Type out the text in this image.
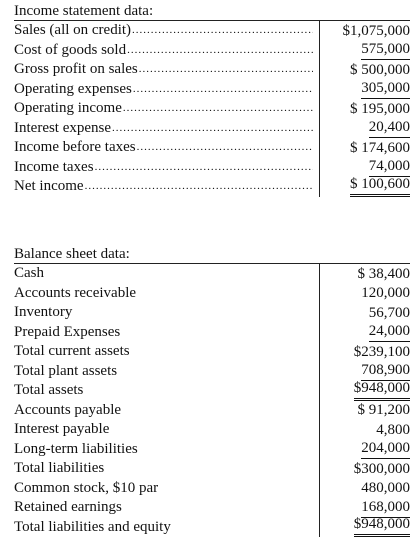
Income statement data:
Sales (all on credit) .....	$1,075,000
Cost of goods sold .....	575,000
Gross profit on sales .....	$ 500,000
Operating expenses .....	305,000
Operating income .....	$ 195,000
Interest expense .....	20,400
Income before taxes .....	$ 174,600
Income taxes .....	74,000
Net income .....	$ 100,600
Balance sheet data:
Cash	$ 38,400
Accounts receivable	120,000
Inventory	56,700
Prepaid Expenses	24,000
Total current assets	$239,100
Total plant assets	708,900
Total assets	$948,000
Accounts payable	$ 91,200
Interest payable	4,800
Long-term liabilities	204,000
Total liabilities	$300,000
Common stock, $10 par	480,000
Retained earnings	168,000
Total liabilities and equity	$948,000
